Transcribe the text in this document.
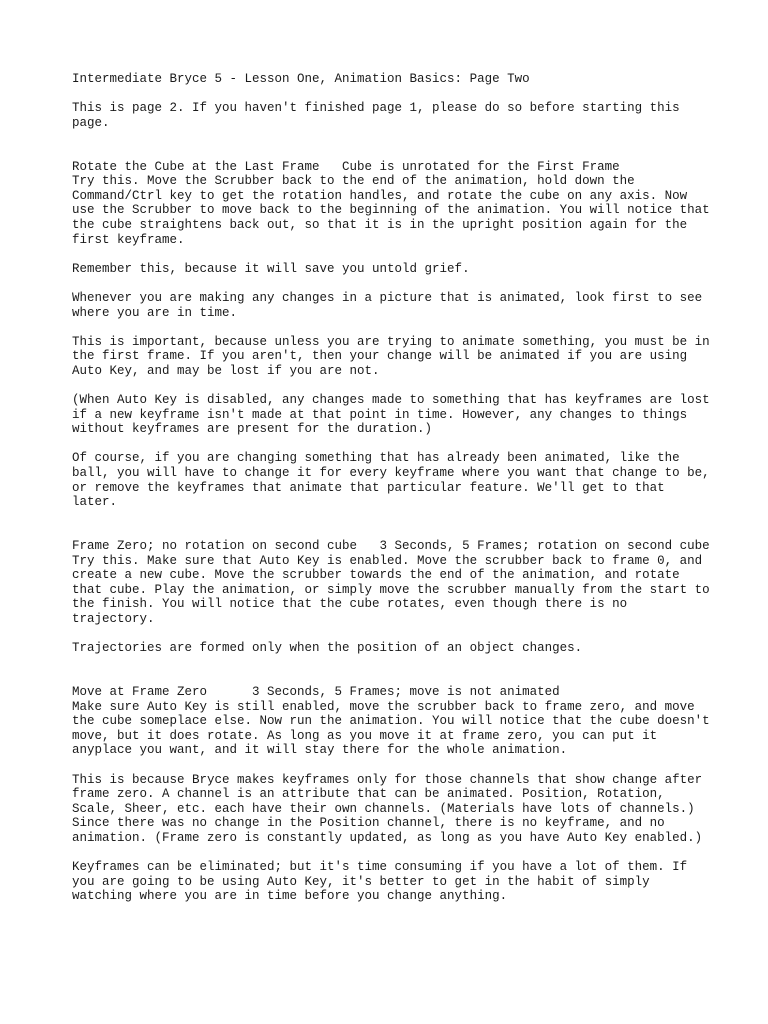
Intermediate Bryce 5 - Lesson One, Animation Basics: Page Two

This is page 2. If you haven't finished page 1, please do so before starting this page.

Rotate the Cube at the Last Frame   Cube is unrotated for the First Frame

Try this. Move the Scrubber back to the end of the animation, hold down the Command/Ctrl key to get the rotation handles, and rotate the cube on any axis. Now use the Scrubber to move back to the beginning of the animation. You will notice that the cube straightens back out, so that it is in the upright position again for the first keyframe.

Remember this, because it will save you untold grief.

Whenever you are making any changes in a picture that is animated, look first to see where you are in time.

This is important, because unless you are trying to animate something, you must be in the first frame. If you aren't, then your change will be animated if you are using Auto Key, and may be lost if you are not.

(When Auto Key is disabled, any changes made to something that has keyframes are lost if a new keyframe isn't made at that point in time. However, any changes to things without keyframes are present for the duration.)

Of course, if you are changing something that has already been animated, like the ball, you will have to change it for every keyframe where you want that change to be, or remove the keyframes that animate that particular feature. We'll get to that later.

Frame Zero; no rotation on second cube   3 Seconds, 5 Frames; rotation on second cube

Try this. Make sure that Auto Key is enabled. Move the scrubber back to frame 0, and create a new cube. Move the scrubber towards the end of the animation, and rotate that cube. Play the animation, or simply move the scrubber manually from the start to the finish. You will notice that the cube rotates, even though there is no trajectory.

Trajectories are formed only when the position of an object changes.

Move at Frame Zero      3 Seconds, 5 Frames; move is not animated

Make sure Auto Key is still enabled, move the scrubber back to frame zero, and move the cube someplace else. Now run the animation. You will notice that the cube doesn't move, but it does rotate. As long as you move it at frame zero, you can put it anyplace you want, and it will stay there for the whole animation.

This is because Bryce makes keyframes only for those channels that show change after frame zero. A channel is an attribute that can be animated. Position, Rotation, Scale, Sheer, etc. each have their own channels. (Materials have lots of channels.) Since there was no change in the Position channel, there is no keyframe, and no animation. (Frame zero is constantly updated, as long as you have Auto Key enabled.)

Keyframes can be eliminated; but it's time consuming if you have a lot of them. If you are going to be using Auto Key, it's better to get in the habit of simply watching where you are in time before you change anything.
